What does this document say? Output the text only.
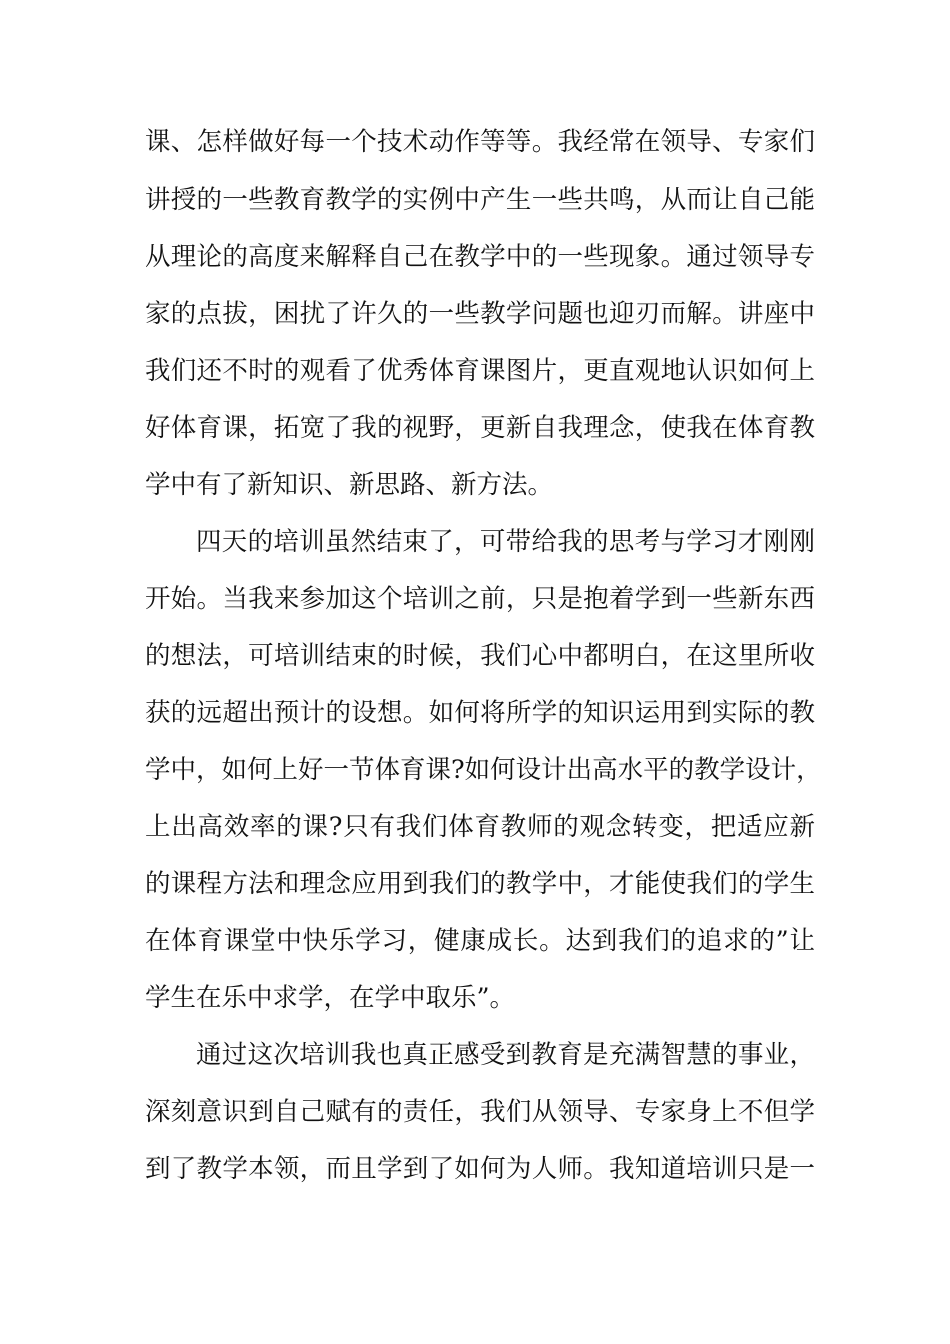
课、怎样做好每一个技术动作等等。我经常在领导、专家们
讲授的一些教育教学的实例中产生一些共鸣，从而让自己能
从理论的高度来解释自己在教学中的一些现象。通过领导专
家的点拔，困扰了许久的一些教学问题也迎刃而解。讲座中
我们还不时的观看了优秀体育课图片，更直观地认识如何上
好体育课，拓宽了我的视野，更新自我理念，使我在体育教
学中有了新知识、新思路、新方法。
四天的培训虽然结束了，可带给我的思考与学习才刚刚
开始。当我来参加这个培训之前，只是抱着学到一些新东西
的想法，可培训结束的时候，我们心中都明白，在这里所收
获的远超出预计的设想。如何将所学的知识运用到实际的教
学中，如何上好一节体育课?如何设计出高水平的教学设计，
上出高效率的课?只有我们体育教师的观念转变，把适应新
的课程方法和理念应用到我们的教学中，才能使我们的学生
在体育课堂中快乐学习，健康成长。达到我们的追求的”让
学生在乐中求学，在学中取乐”。
通过这次培训我也真正感受到教育是充满智慧的事业，
深刻意识到自己赋有的责任，我们从领导、专家身上不但学
到了教学本领，而且学到了如何为人师。我知道培训只是一
